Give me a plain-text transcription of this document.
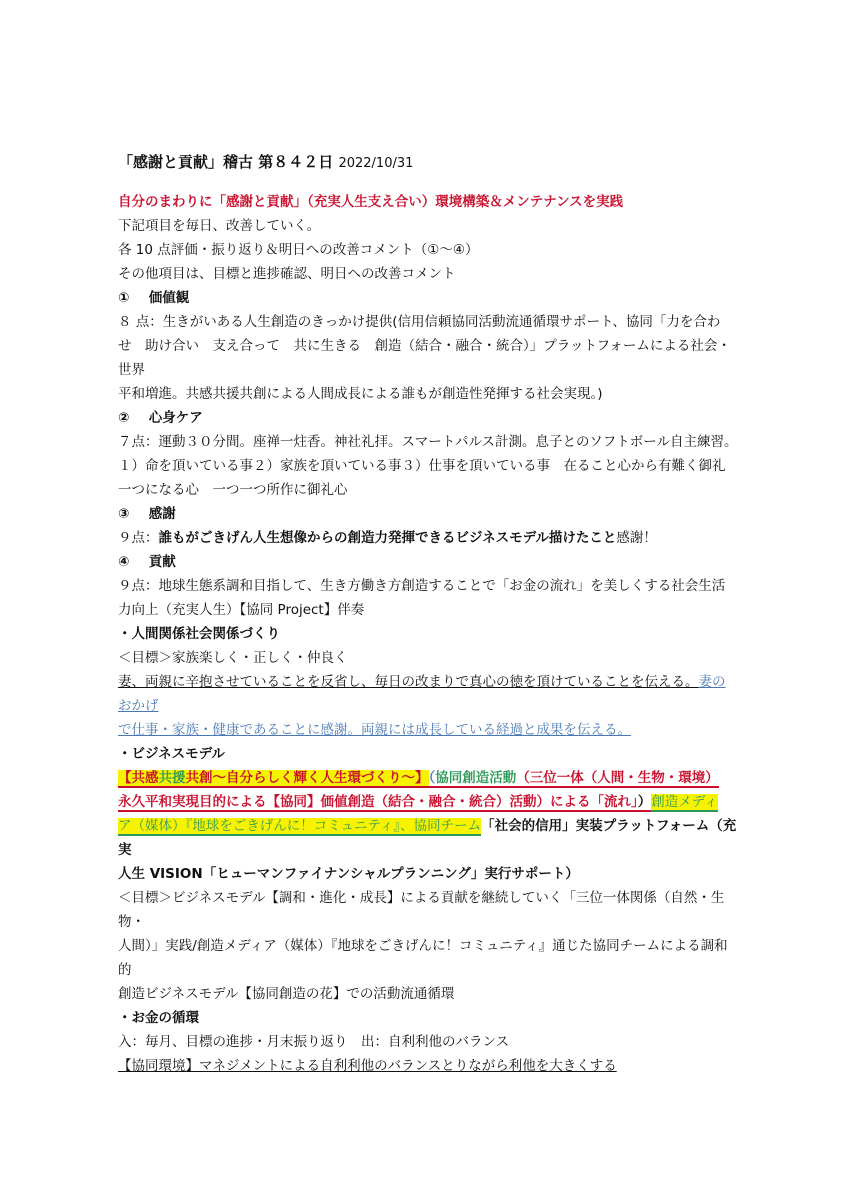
「感謝と貢献」稽古 第８４２日 2022/10/31
自分のまわりに「感謝と貢献」（充実人生支え合い）環境構築＆メンテナンスを実践
下記項目を毎日、改善していく。
各 10 点評価・振り返り＆明日への改善コメント（①～④）
その他項目は、目標と進捗確認、明日への改善コメント
① 価値観
８ 点：生きがいある人生創造のきっかけ提供(信用信頼協同活動流通循環サポート、協同「力を合わ
せ　助け合い　支え合って　共に生きる　創造（結合・融合・統合）」プラットフォームによる社会・世界
平和増進。共感共援共創による人間成長による誰もが創造性発揮する社会実現。)
② 心身ケア
７点：運動３０分間。座禅一炷香。神社礼拝。スマートパルス計測。息子とのソフトボール自主練習。
１）命を頂いている事２）家族を頂いている事３）仕事を頂いている事　在ること心から有難く御礼
一つになる心　一つ一つ所作に御礼心
③ 感謝
９点：誰もがごきげん人生想像からの創造力発揮できるビジネスモデル描けたこと感謝！
④ 貢献
９点：地球生態系調和目指して、生き方働き方創造することで「お金の流れ」を美しくする社会生活
力向上（充実人生）【協同 Project】伴奏
・人間関係社会関係づくり
＜目標＞家族楽しく・正しく・仲良く
妻、両親に辛抱させていることを反省し、毎日の改まりで真心の徳を頂けていることを伝える。妻のおかげ
で仕事・家族・健康であることに感謝。両親には成長している経過と成果を伝える。
・ビジネスモデル
【共感共援共創～自分らしく輝く人生環づくり～】（協同創造活動（三位一体（人間・生物・環境）
永久平和実現目的による【協同】価値創造（結合・融合・統合）活動）による「流れ」）創造メディ
ア（媒体）『地球をごきげんに！コミュニティ』、協同チーム「社会的信用」実装プラットフォーム（充実
人生 VISION「ヒューマンファイナンシャルプランニング」実行サポート）
＜目標＞ビジネスモデル【調和・進化・成長】による貢献を継続していく「三位一体関係（自然・生物・
人間）」実践/創造メディア（媒体）『地球をごきげんに！コミュニティ』通じた協同チームによる調和的
創造ビジネスモデル【協同創造の花】での活動流通循環
・お金の循環
入：毎月、目標の進捗・月末振り返り　出：自利利他のバランス
【協同環境】マネジメントによる自利利他のバランスとりながら利他を大きくする
